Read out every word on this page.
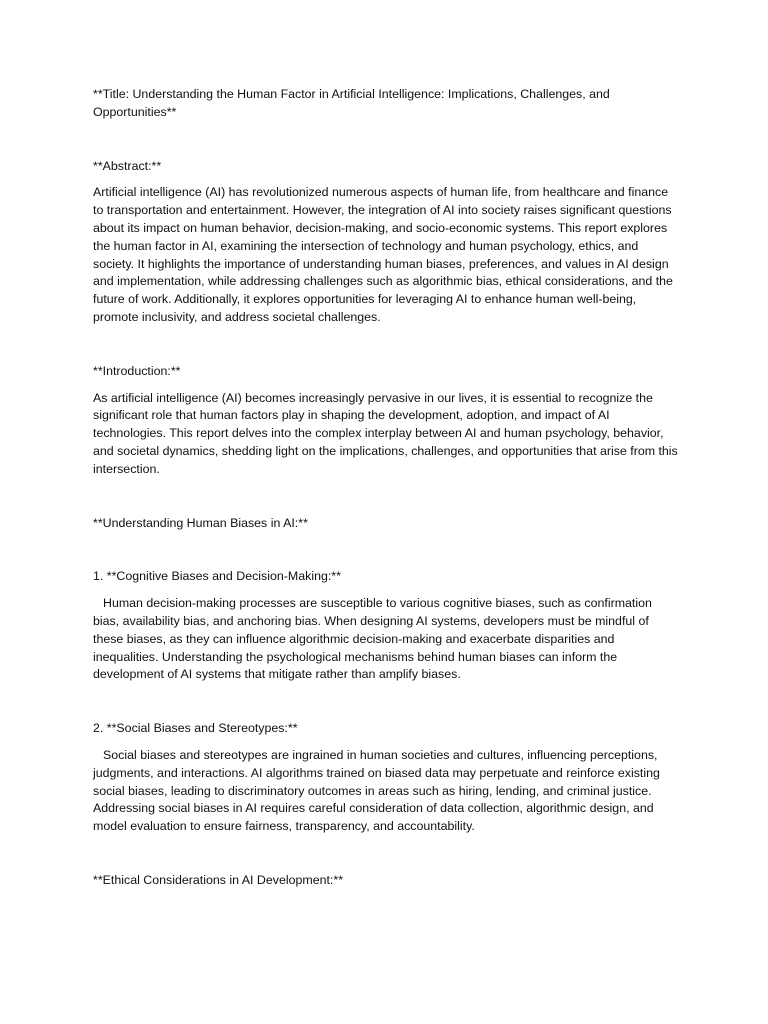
**Title: Understanding the Human Factor in Artificial Intelligence: Implications, Challenges, and Opportunities**

**Abstract:**

Artificial intelligence (AI) has revolutionized numerous aspects of human life, from healthcare and finance to transportation and entertainment. However, the integration of AI into society raises significant questions about its impact on human behavior, decision-making, and socio-economic systems. This report explores the human factor in AI, examining the intersection of technology and human psychology, ethics, and society. It highlights the importance of understanding human biases, preferences, and values in AI design and implementation, while addressing challenges such as algorithmic bias, ethical considerations, and the future of work. Additionally, it explores opportunities for leveraging AI to enhance human well-being, promote inclusivity, and address societal challenges.

**Introduction:**

As artificial intelligence (AI) becomes increasingly pervasive in our lives, it is essential to recognize the significant role that human factors play in shaping the development, adoption, and impact of AI technologies. This report delves into the complex interplay between AI and human psychology, behavior, and societal dynamics, shedding light on the implications, challenges, and opportunities that arise from this intersection.

**Understanding Human Biases in AI:**

1. **Cognitive Biases and Decision-Making:**

Human decision-making processes are susceptible to various cognitive biases, such as confirmation bias, availability bias, and anchoring bias. When designing AI systems, developers must be mindful of these biases, as they can influence algorithmic decision-making and exacerbate disparities and inequalities. Understanding the psychological mechanisms behind human biases can inform the development of AI systems that mitigate rather than amplify biases.

2. **Social Biases and Stereotypes:**

Social biases and stereotypes are ingrained in human societies and cultures, influencing perceptions, judgments, and interactions. AI algorithms trained on biased data may perpetuate and reinforce existing social biases, leading to discriminatory outcomes in areas such as hiring, lending, and criminal justice. Addressing social biases in AI requires careful consideration of data collection, algorithmic design, and model evaluation to ensure fairness, transparency, and accountability.

**Ethical Considerations in AI Development:**
